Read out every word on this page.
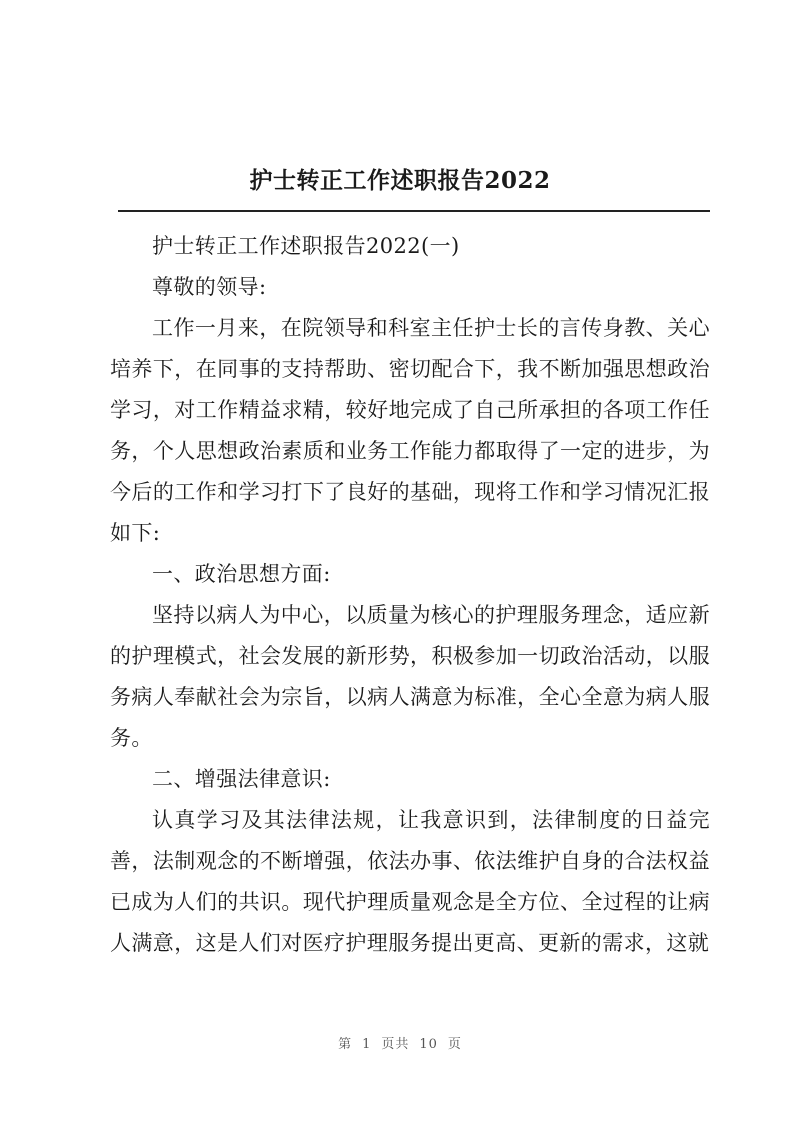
护士转正工作述职报告2022

护士转正工作述职报告2022(一)

尊敬的领导:

工作一月来，在院领导和科室主任护士长的言传身教、关心培养下，在同事的支持帮助、密切配合下，我不断加强思想政治学习，对工作精益求精，较好地完成了自己所承担的各项工作任务，个人思想政治素质和业务工作能力都取得了一定的进步，为今后的工作和学习打下了良好的基础，现将工作和学习情况汇报如下:

一、政治思想方面:

坚持以病人为中心，以质量为核心的护理服务理念，适应新的护理模式，社会发展的新形势，积极参加一切政治活动，以服务病人奉献社会为宗旨，以病人满意为标准，全心全意为病人服务。

二、增强法律意识:

认真学习及其法律法规，让我意识到，法律制度的日益完善，法制观念的不断增强，依法办事、依法维护自身的合法权益已成为人们的共识。现代护理质量观念是全方位、全过程的让病人满意，这是人们对医疗护理服务提出更高、更新的需求，这就

第 1 页共 10 页
